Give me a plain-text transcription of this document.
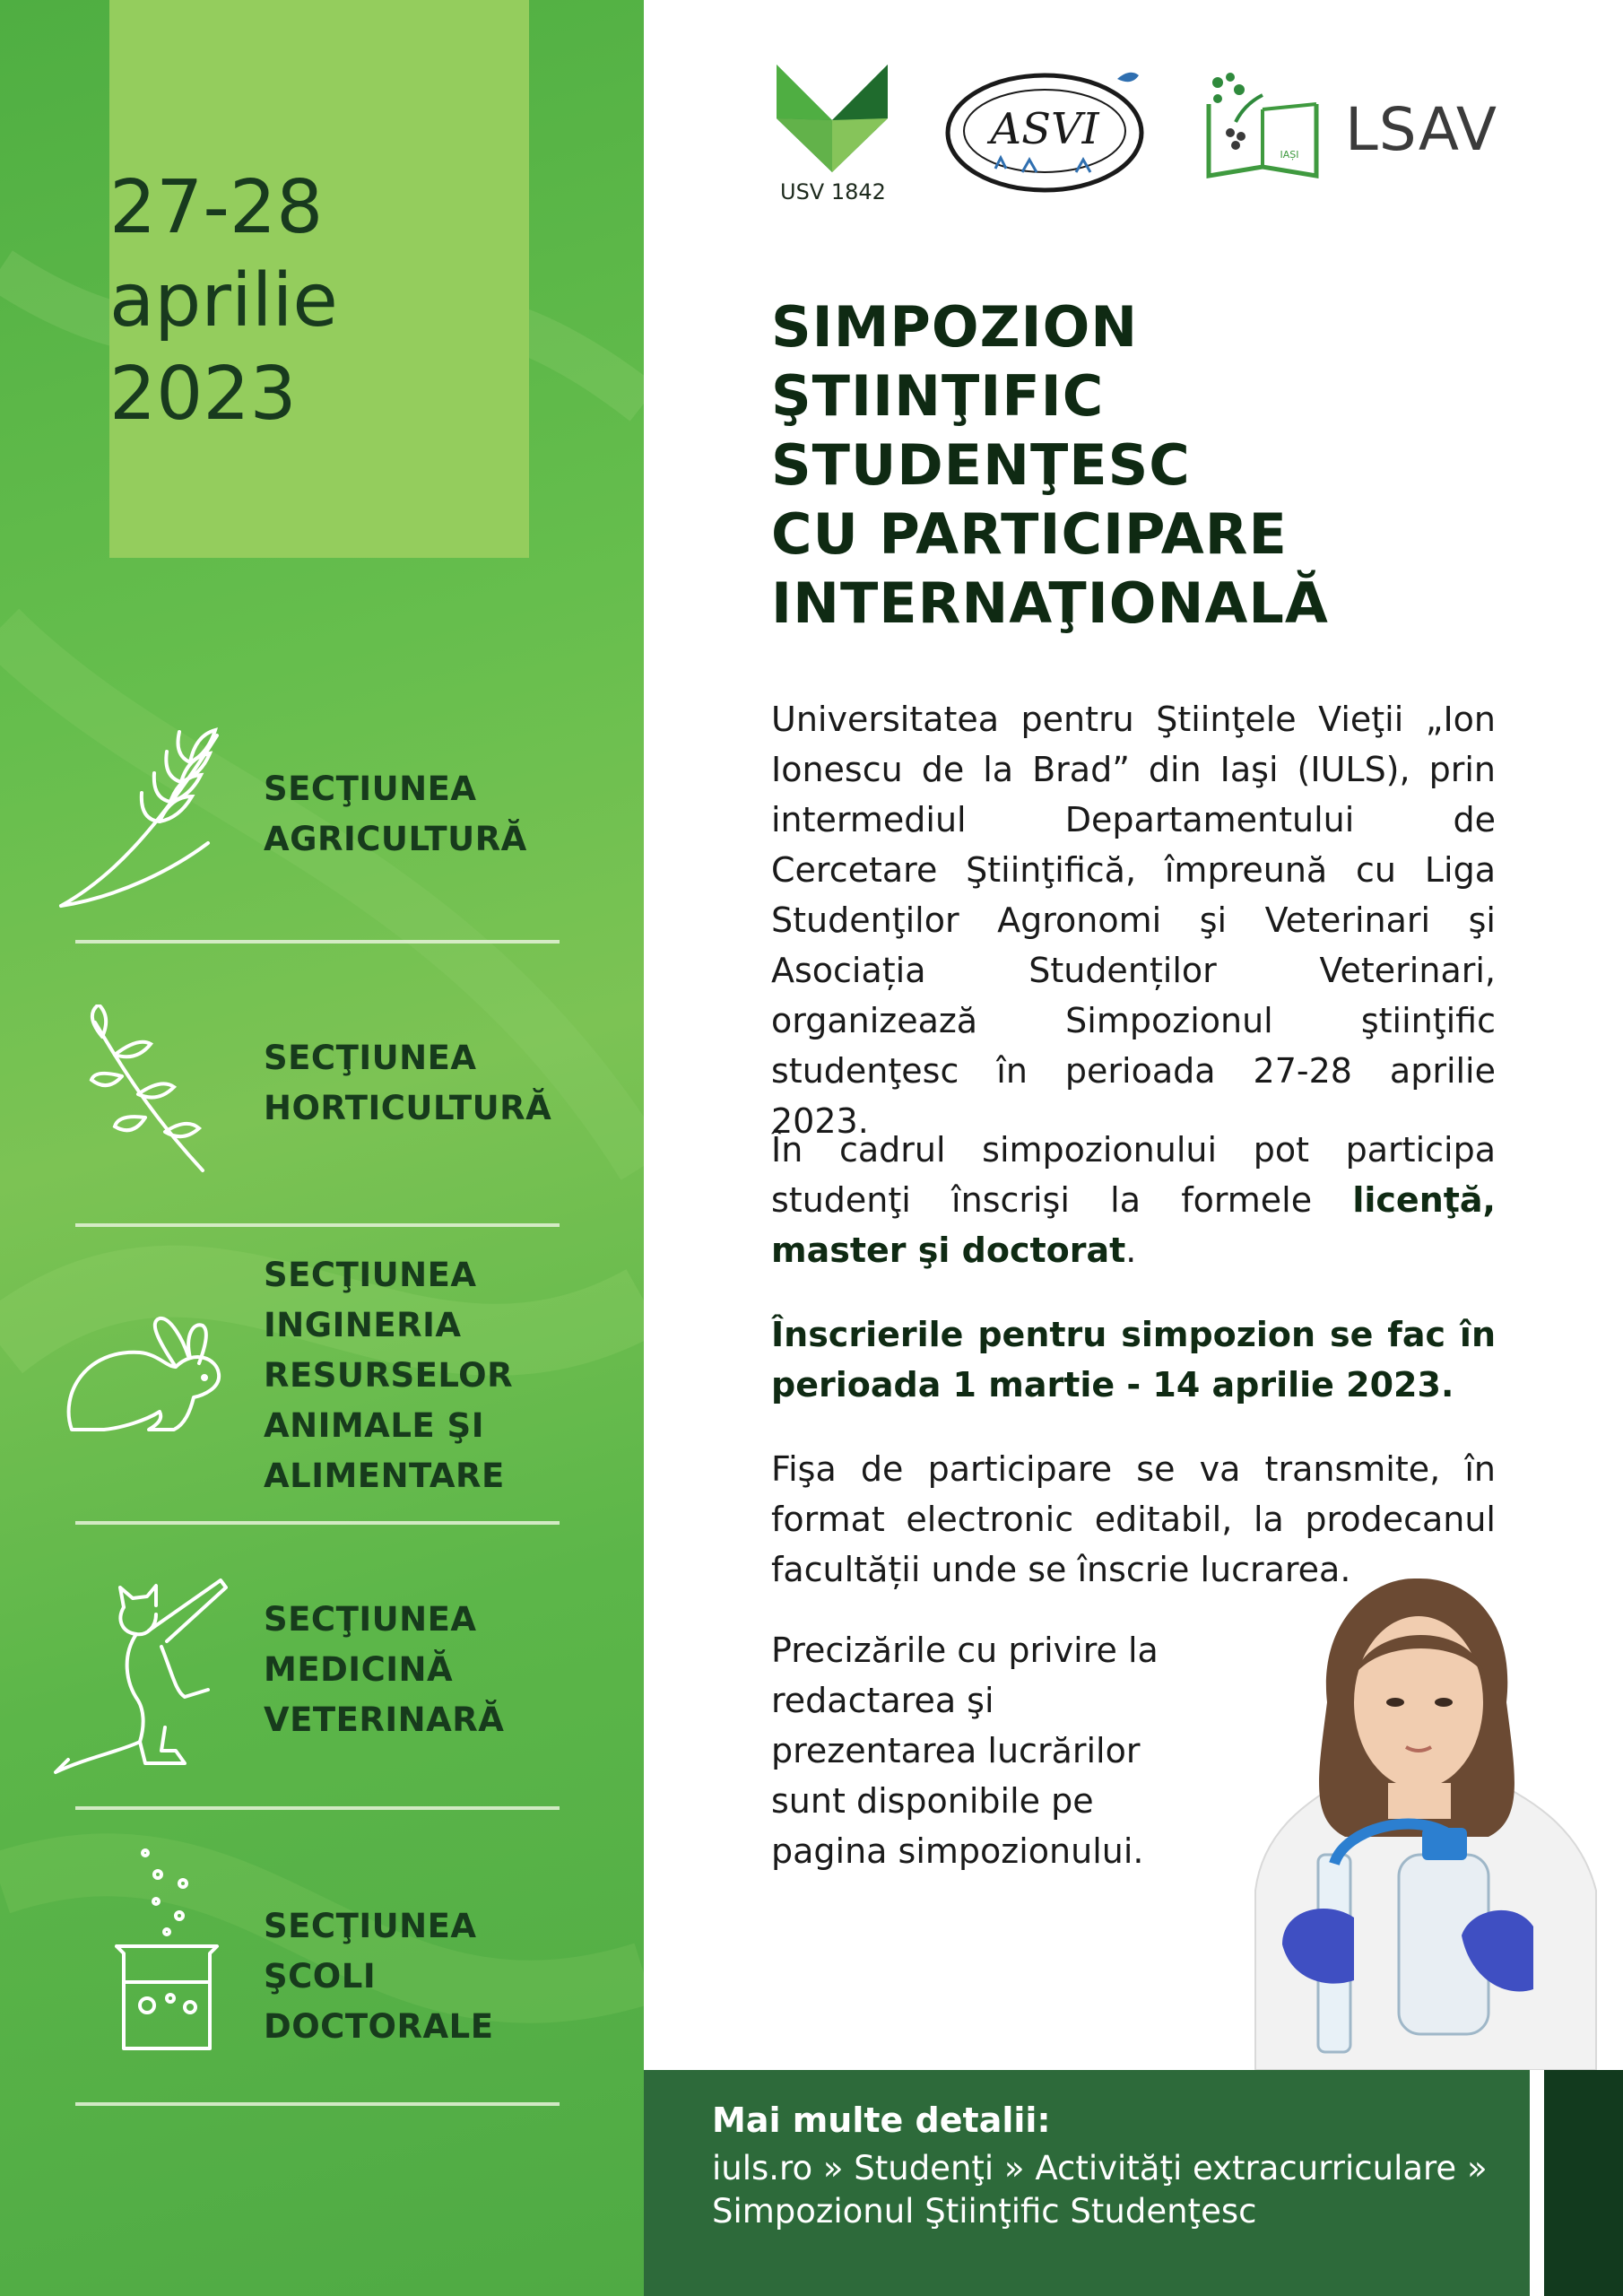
27-28
aprilie
2023
SECŢIUNEA
AGRICULTURĂ
SECŢIUNEA
HORTICULTURĂ
SECŢIUNEA
INGINERIA
RESURSELOR
ANIMALE ŞI
ALIMENTARE
SECŢIUNEA
MEDICINĂ
VETERINARĂ
SECŢIUNEA
ŞCOLI
DOCTORALE
USV 1842
ASVI
IAȘI LSAV
SIMPOZION
ŞTIINŢIFIC
STUDENŢESC
CU PARTICIPARE
INTERNAŢIONALĂ
Universitatea pentru Ştiinţele Vieţii „Ion Ionescu de la Brad” din Iaşi (IULS), prin intermediul Departamentului de Cercetare Ştiinţifică, împreună cu Liga Studenţilor Agronomi şi Veterinari şi Asociația Studenților Veterinari, organizează Simpozionul ştiinţific studenţesc în perioada 27-28 aprilie 2023.
În cadrul simpozionului pot participa studenţi înscrişi la formele licenţă, master şi doctorat.
Înscrierile pentru simpozion se fac în perioada 1 martie - 14 aprilie 2023.
Fişa de participare se va transmite, în format electronic editabil, la prodecanul facultății unde se înscrie lucrarea.
Precizările cu privire la redactarea şi prezentarea lucrărilor sunt disponibile pe pagina simpozionului.
Mai multe detalii:
iuls.ro » Studenţi » Activităţi extracurriculare »
Simpozionul Ştiinţific Studenţesc
